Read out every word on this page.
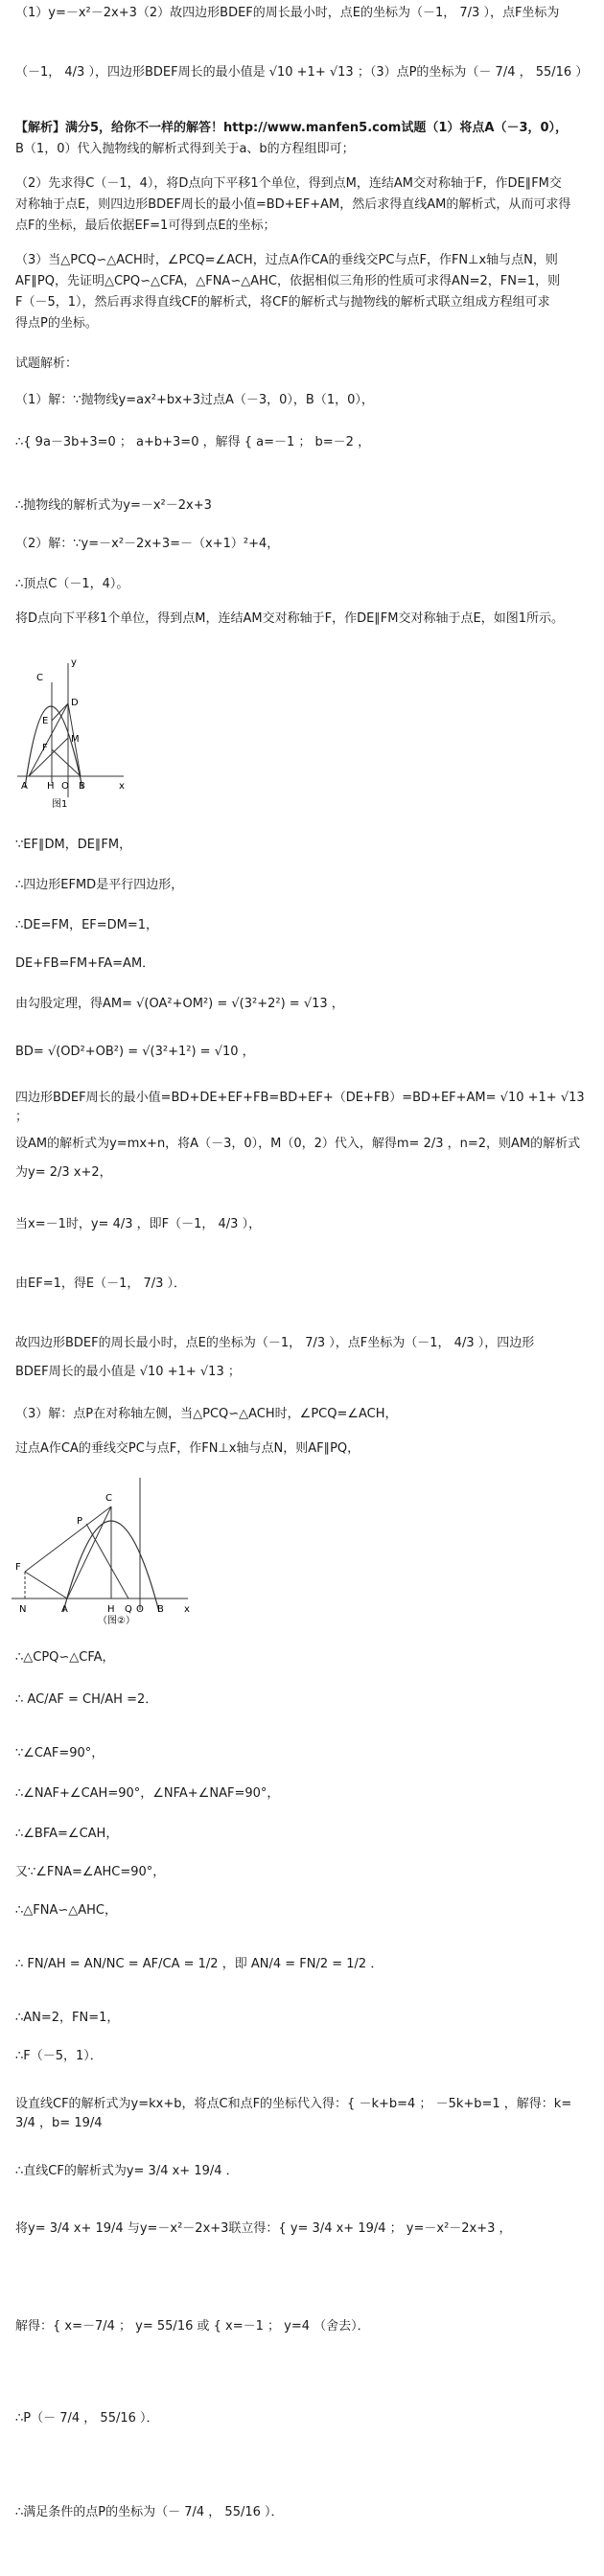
（1）y=－x²－2x+3（2）故四边形BDEF的周长最小时，点E的坐标为（－1， 7/3 ），点F坐标为
（－1， 4/3 ），四边形BDEF周长的最小值是 √10 +1+ √13 ；（3）点P的坐标为（－ 7/4 ， 55/16 ）
【解析】满分5，给你不一样的解答！http://www.manfen5.com试题（1）将点A（－3，0），
B（1，0）代入抛物线的解析式得到关于a、b的方程组即可；
（2）先求得C（－1，4），将D点向下平移1个单位，得到点M，连结AM交对称轴于F，作DE∥FM交
对称轴于点E，则四边形BDEF周长的最小值=BD+EF+AM，然后求得直线AM的解析式，从而可求得
点F的坐标，最后依据EF=1可得到点E的坐标；
（3）当△PCQ∽△ACH时，∠PCQ=∠ACH，过点A作CA的垂线交PC与点F，作FN⊥x轴与点N，则
AF∥PQ，先证明△CPQ∽△CFA，△FNA∽△AHC，依据相似三角形的性质可求得AN=2，FN=1，则
F（－5，1），然后再求得直线CF的解析式，将CF的解析式与抛物线的解析式联立组成方程组可求
得点P的坐标。
试题解析：
（1）解：∵抛物线y=ax²+bx+3过点A（－3，0），B（1，0），
∴{ 9a－3b+3=0 ； a+b+3=0 ，解得 { a=－1 ； b=－2 ，
∴抛物线的解析式为y=－x²－2x+3
（2）解：∵y=－x²－2x+3=－（x+1）²+4，
∴顶点C（－1，4）。
将D点向下平移1个单位，得到点M，连结AM交对称轴于F，作DE∥FM交对称轴于点E，如图1所示。
C
y
D
E
F
M
A H O B	x
图1
∵EF∥DM，DE∥FM，
∴四边形EFMD是平行四边形，
∴DE=FM，EF=DM=1，
DE+FB=FM+FA=AM．
由勾股定理，得AM= √(OA²+OM²) = √(3²+2²) = √13 ，
BD= √(OD²+OB²) = √(3²+1²) = √10 ，
四边形BDEF周长的最小值=BD+DE+EF+FB=BD+EF+（DE+FB）=BD+EF+AM= √10 +1+ √13 ；
设AM的解析式为y=mx+n，将A（－3，0），M（0，2）代入，解得m= 2/3 ，n=2，则AM的解析式
为y= 2/3 x+2，
当x=－1时，y= 4/3 ，即F（－1， 4/3 ），
由EF=1，得E（－1， 7/3 ）．
故四边形BDEF的周长最小时，点E的坐标为（－1， 7/3 ），点F坐标为（－1， 4/3 ），四边形
BDEF周长的最小值是 √10 +1+ √13 ；
（3）解：点P在对称轴左侧，当△PCQ∽△ACH时，∠PCQ=∠ACH，
过点A作CA的垂线交PC与点F，作FN⊥x轴与点N，则AF∥PQ，
C
P
F
N	A	H Q O B x
（图②）
∴△CPQ∽△CFA，
∴ AC/AF = CH/AH =2．
∵∠CAF=90°，
∴∠NAF+∠CAH=90°，∠NFA+∠NAF=90°，
∴∠BFA=∠CAH，
又∵∠FNA=∠AHC=90°，
∴△FNA∽△AHC，
∴ FN/AH = AN/NC = AF/CA = 1/2 ，即 AN/4 = FN/2 = 1/2 ．
∴AN=2，FN=1，
∴F（－5，1）．
设直线CF的解析式为y=kx+b，将点C和点F的坐标代入得：{ －k+b=4 ； －5k+b=1 ，解得：k= 3/4 ，b= 19/4
∴直线CF的解析式为y= 3/4 x+ 19/4 ．
将y= 3/4 x+ 19/4 与y=－x²－2x+3联立得：{ y= 3/4 x+ 19/4 ； y=－x²－2x+3 ，
解得：{ x=－7/4 ； y= 55/16 或 { x=－1 ； y=4 （舍去）．
∴P（－ 7/4 ， 55/16 ）．
∴满足条件的点P的坐标为（－ 7/4 ， 55/16 ）．
